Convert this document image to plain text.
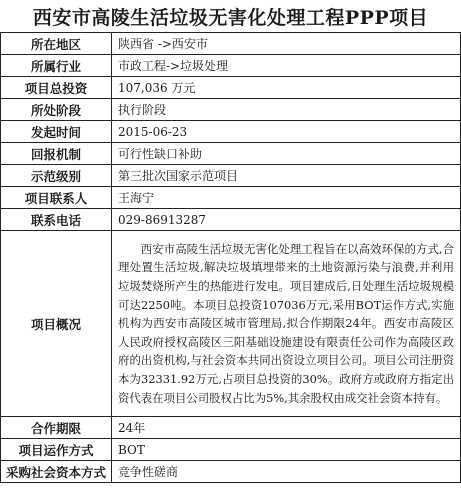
西安市高陵生活垃圾无害化处理工程PPP项目
所在地区	陕西省 ->西安市
所属行业	市政工程->垃圾处理
项目总投资	107,036 万元
所处阶段	执行阶段
发起时间	2015-06-23
回报机制	可行性缺口补助
示范级别	第三批次国家示范项目
项目联系人	王海宁
联系电话	029-86913287
项目概况	西安市高陵生活垃圾无害化处理工程旨在以高效环保的方式,合理处置生活垃圾,解决垃圾填埋带来的土地资源污染与浪费,并利用垃圾焚烧所产生的热能进行发电。项目建成后,日处理生活垃圾规模可达2250吨。本项目总投资107036万元,采用BOT运作方式,实施机构为西安市高陵区城市管理局,拟合作期限24年。西安市高陵区人民政府授权高陵区三阳基础设施建设有限责任公司作为高陵区政府的出资机构,与社会资本共同出资设立项目公司。项目公司注册资本为32331.92万元,占项目总投资的30%。政府方或政府方指定出资代表在项目公司股权占比为5%,其余股权由成交社会资本持有。
合作期限	24年
项目运作方式	BOT
采购社会资本方式	竞争性磋商
